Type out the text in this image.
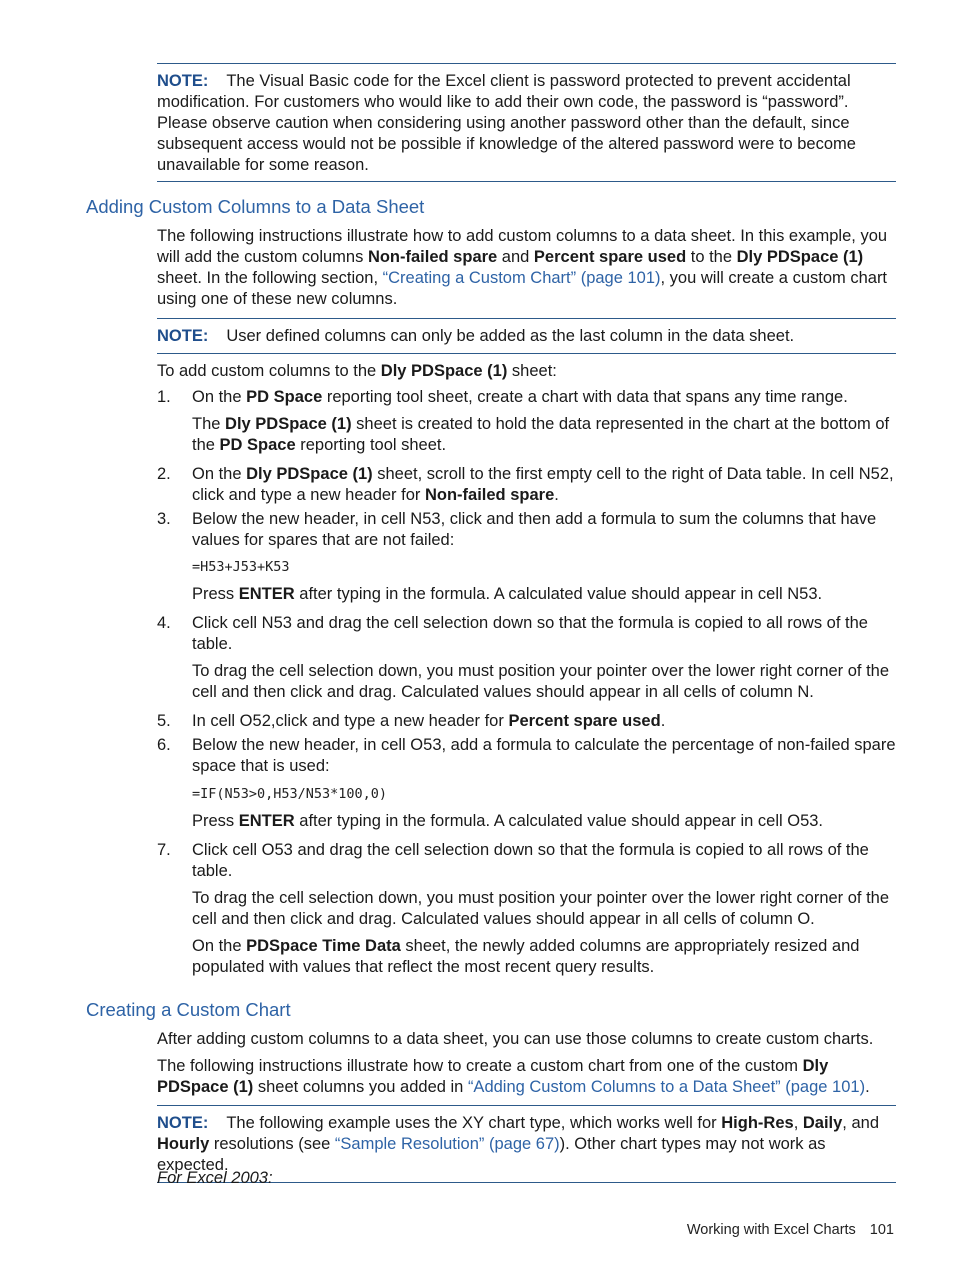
NOTE: The Visual Basic code for the Excel client is password protected to prevent accidental modification. For customers who would like to add their own code, the password is “password”. Please observe caution when considering using another password other than the default, since subsequent access would not be possible if knowledge of the altered password were to become unavailable for some reason.
Adding Custom Columns to a Data Sheet
The following instructions illustrate how to add custom columns to a data sheet. In this example, you will add the custom columns Non-failed spare and Percent spare used to the Dly PDSpace (1) sheet. In the following section, “Creating a Custom Chart” (page 101), you will create a custom chart using one of these new columns.
NOTE: User defined columns can only be added as the last column in the data sheet.
To add custom columns to the Dly PDSpace (1) sheet:
1.	On the PD Space reporting tool sheet, create a chart with data that spans any time range.
The Dly PDSpace (1) sheet is created to hold the data represented in the chart at the bottom of the PD Space reporting tool sheet.
2.	On the Dly PDSpace (1) sheet, scroll to the first empty cell to the right of Data table. In cell N52, click and type a new header for Non-failed spare.
3.	Below the new header, in cell N53, click and then add a formula to sum the columns that have values for spares that are not failed:
=H53+J53+K53
Press ENTER after typing in the formula. A calculated value should appear in cell N53.
4.	Click cell N53 and drag the cell selection down so that the formula is copied to all rows of the table.
To drag the cell selection down, you must position your pointer over the lower right corner of the cell and then click and drag. Calculated values should appear in all cells of column N.
5.	In cell O52,click and type a new header for Percent spare used.
6.	Below the new header, in cell O53, add a formula to calculate the percentage of non-failed spare space that is used:
=IF(N53>0,H53/N53*100,0)
Press ENTER after typing in the formula. A calculated value should appear in cell O53.
7.	Click cell O53 and drag the cell selection down so that the formula is copied to all rows of the table.
To drag the cell selection down, you must position your pointer over the lower right corner of the cell and then click and drag. Calculated values should appear in all cells of column O.
On the PDSpace Time Data sheet, the newly added columns are appropriately resized and populated with values that reflect the most recent query results.
Creating a Custom Chart
After adding custom columns to a data sheet, you can use those columns to create custom charts.
The following instructions illustrate how to create a custom chart from one of the custom Dly PDSpace (1) sheet columns you added in “Adding Custom Columns to a Data Sheet” (page 101).
NOTE: The following example uses the XY chart type, which works well for High-Res, Daily, and Hourly resolutions (see “Sample Resolution” (page 67)). Other chart types may not work as expected.
For Excel 2003:
Working with Excel Charts 101
